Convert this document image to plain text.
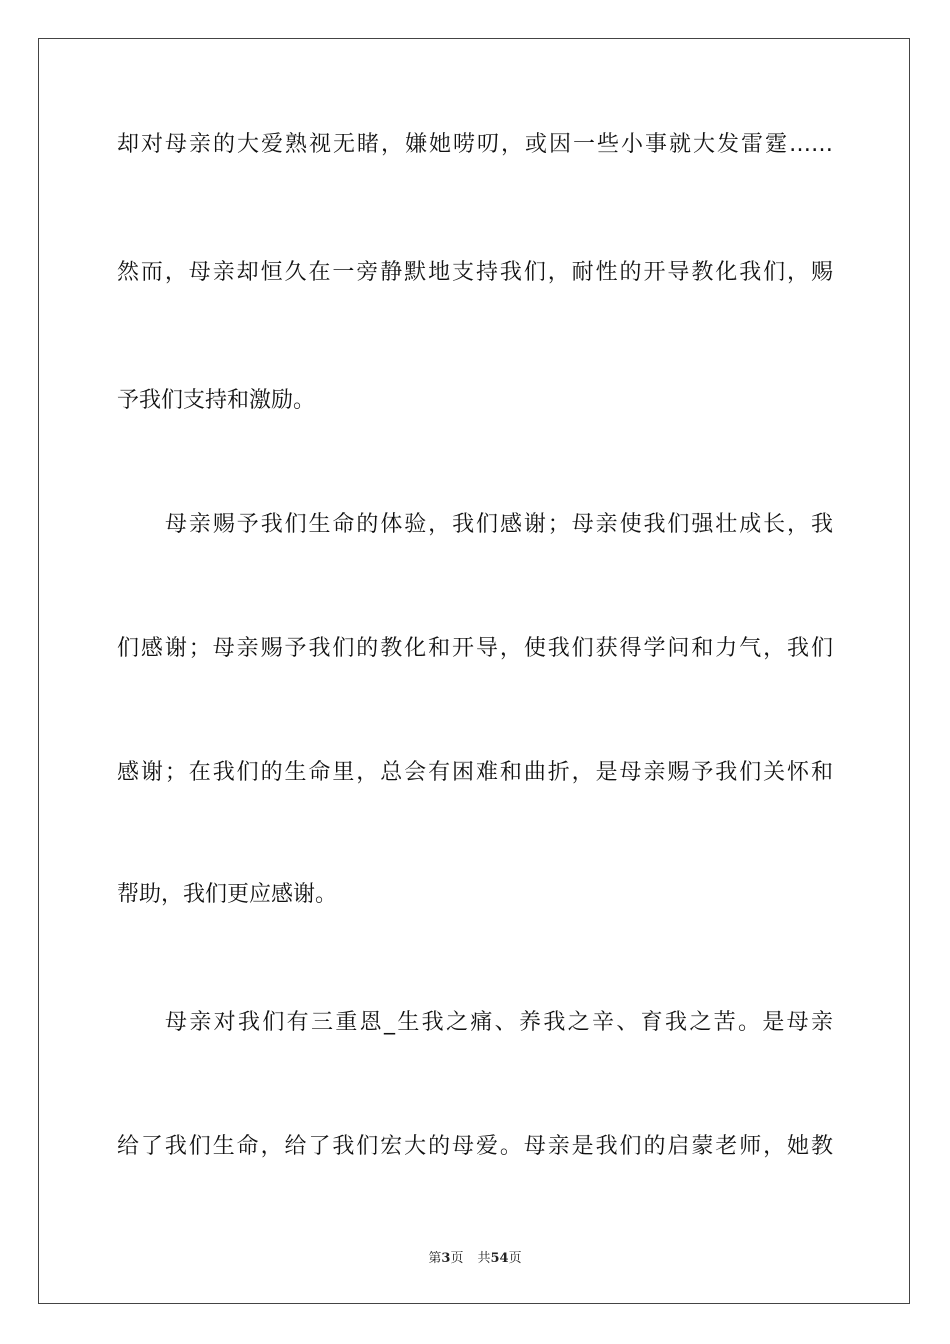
却对母亲的大爱熟视无睹，嫌她唠叨，或因一些小事就大发雷霆……
然而，母亲却恒久在一旁静默地支持我们，耐性的开导教化我们，赐
予我们支持和激励。
母亲赐予我们生命的体验，我们感谢；母亲使我们强壮成长，我
们感谢；母亲赐予我们的教化和开导，使我们获得学问和力气，我们
感谢；在我们的生命里，总会有困难和曲折，是母亲赐予我们关怀和
帮助，我们更应感谢。
母亲对我们有三重恩_生我之痛、养我之辛、育我之苦。是母亲
给了我们生命，给了我们宏大的母爱。母亲是我们的启蒙老师，她教
第3页 共54页
